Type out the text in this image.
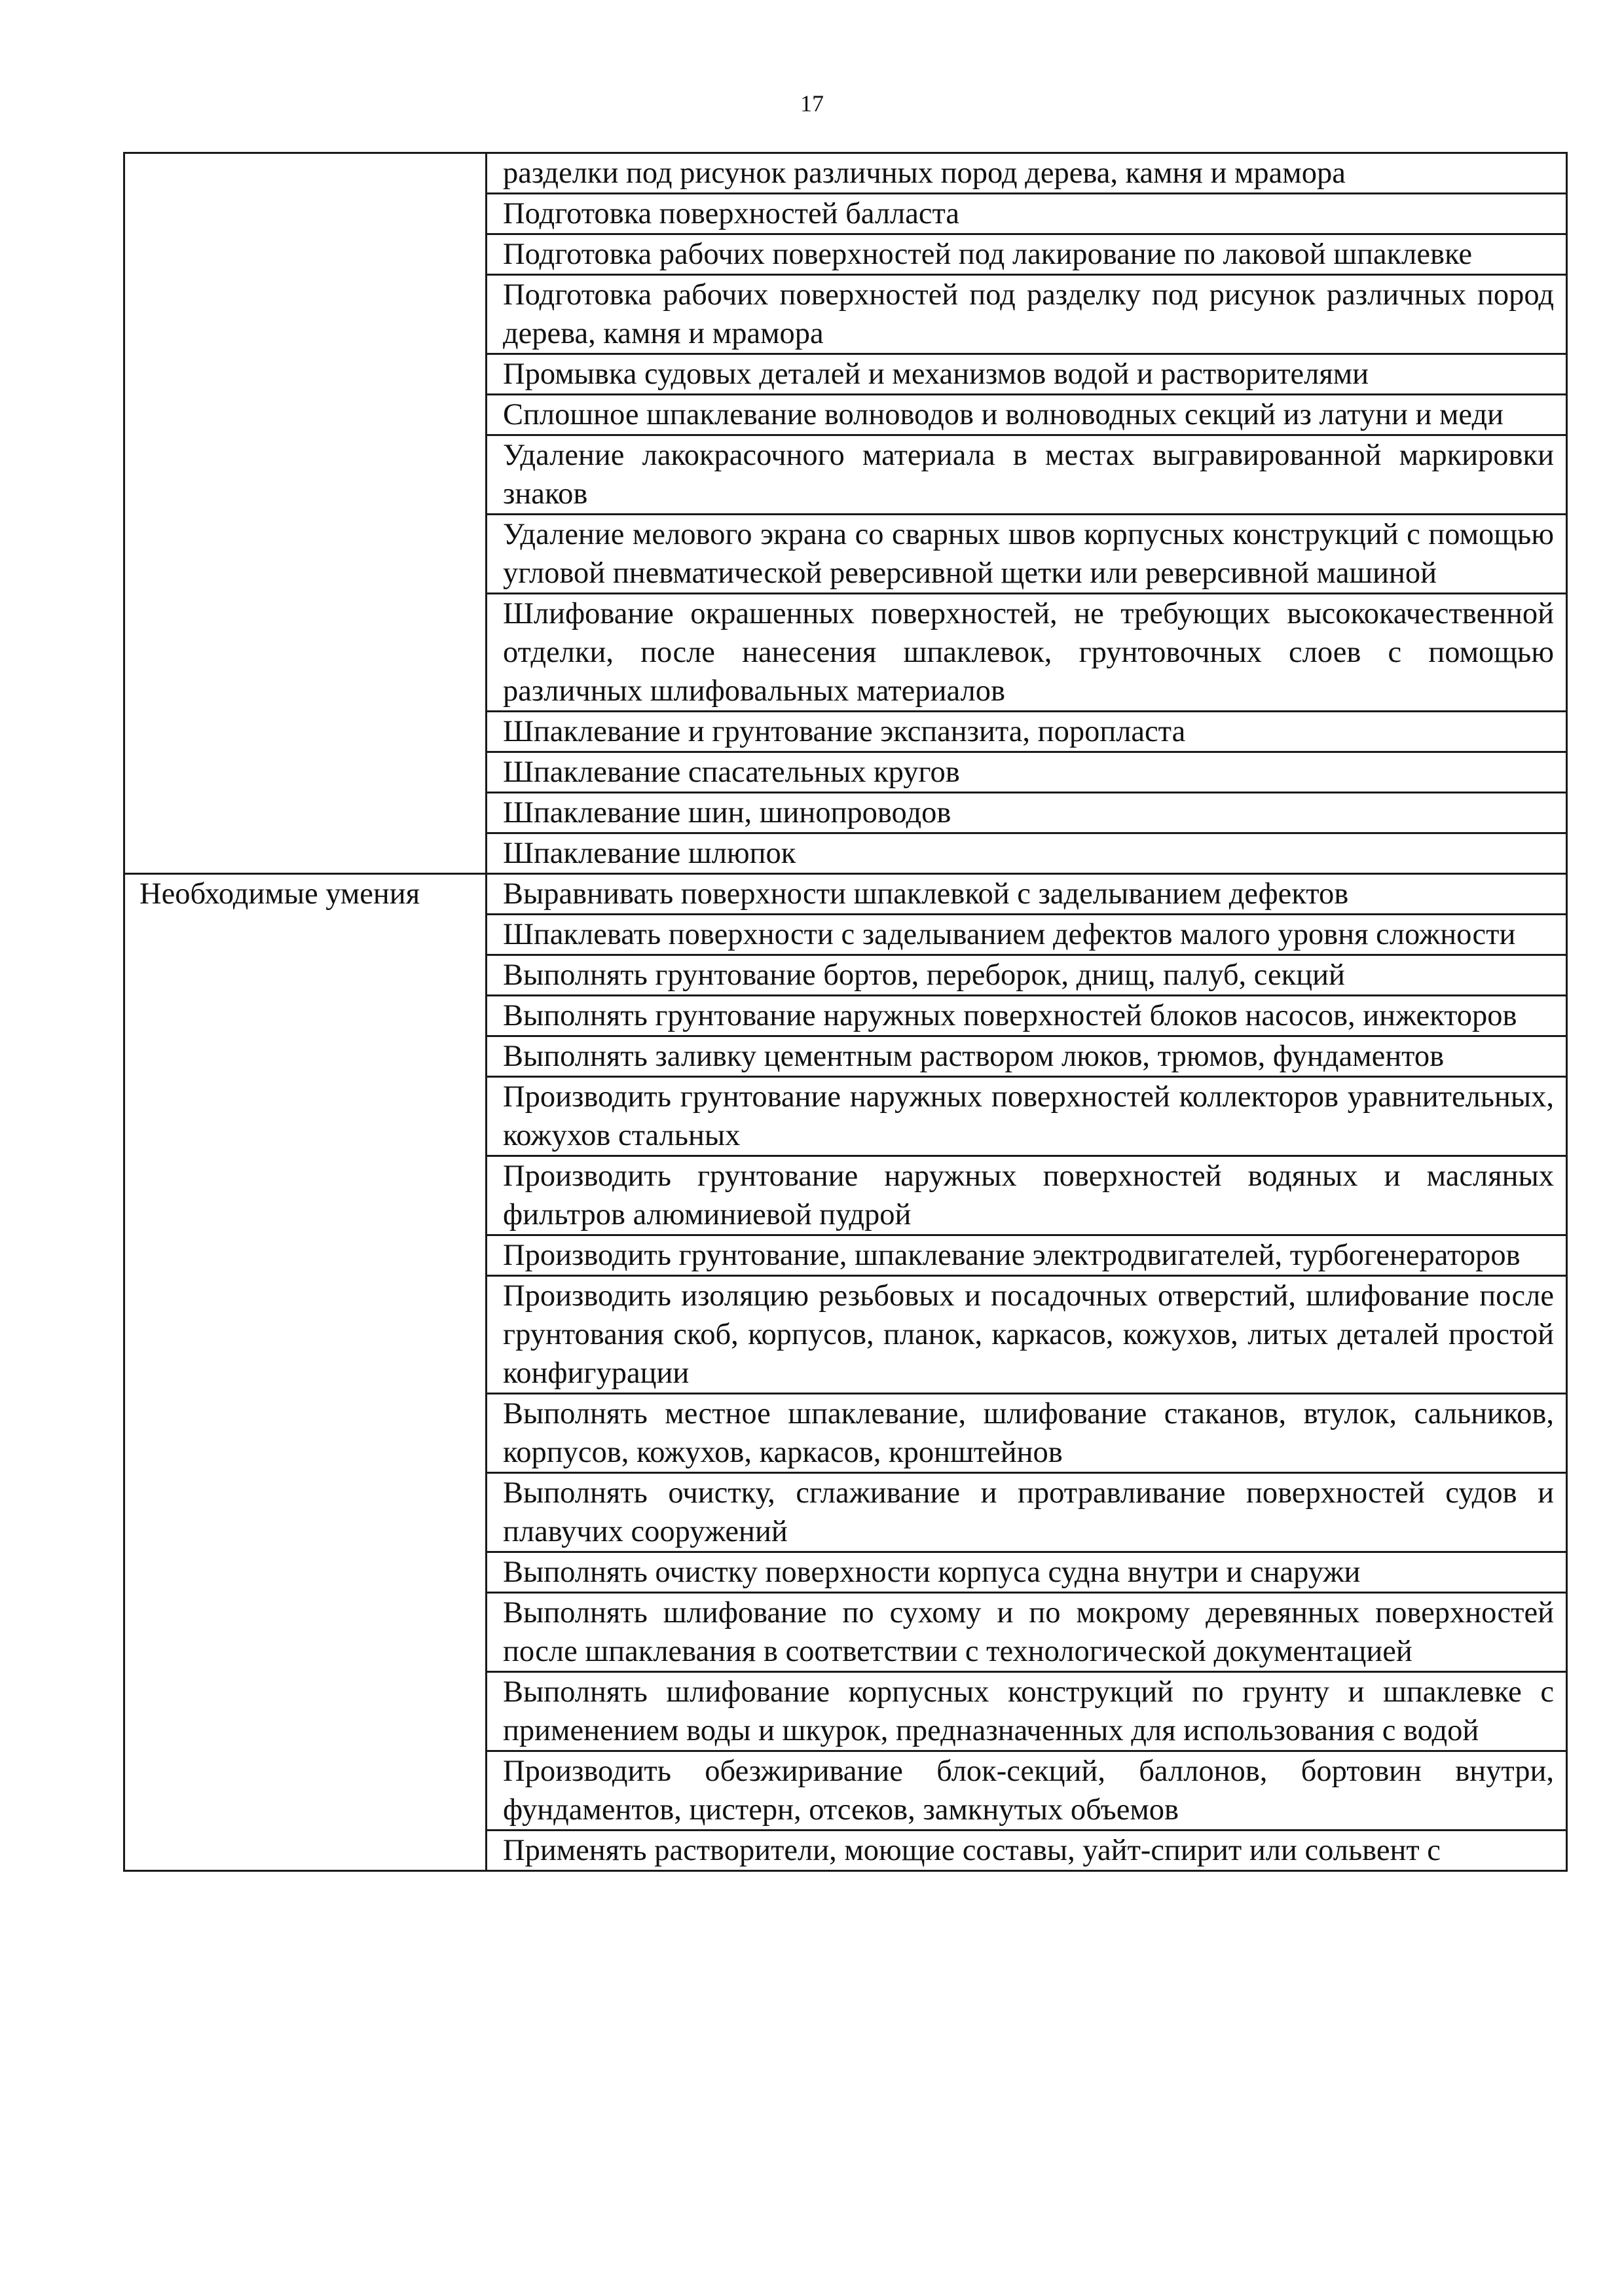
17
	разделки под рисунок различных пород дерева, камня и мрамора
	Подготовка поверхностей балласта
	Подготовка рабочих поверхностей под лакирование по лаковой шпаклевке
	Подготовка рабочих поверхностей под разделку под рисунок различных пород дерева, камня и мрамора
	Промывка судовых деталей и механизмов водой и растворителями
	Сплошное шпаклевание волноводов и волноводных секций из латуни и меди
	Удаление лакокрасочного материала в местах выгравированной маркировки знаков
	Удаление мелового экрана со сварных швов корпусных конструкций с помощью угловой пневматической реверсивной щетки или реверсивной машиной
	Шлифование окрашенных поверхностей, не требующих высококачественной отделки, после нанесения шпаклевок, грунтовочных слоев с помощью различных шлифовальных материалов
	Шпаклевание и грунтование экспанзита, поропласта
	Шпаклевание спасательных кругов
	Шпаклевание шин, шинопроводов
	Шпаклевание шлюпок
Необходимые умения	Выравнивать поверхности шпаклевкой с заделыванием дефектов
	Шпаклевать поверхности с заделыванием дефектов малого уровня сложности
	Выполнять грунтование бортов, переборок, днищ, палуб, секций
	Выполнять грунтование наружных поверхностей блоков насосов, инжекторов
	Выполнять заливку цементным раствором люков, трюмов, фундаментов
	Производить грунтование наружных поверхностей коллекторов уравнительных, кожухов стальных
	Производить грунтование наружных поверхностей водяных и масляных фильтров алюминиевой пудрой
	Производить грунтование, шпаклевание электродвигателей, турбогенераторов
	Производить изоляцию резьбовых и посадочных отверстий, шлифование после грунтования скоб, корпусов, планок, каркасов, кожухов, литых деталей простой конфигурации
	Выполнять местное шпаклевание, шлифование стаканов, втулок, сальников, корпусов, кожухов, каркасов, кронштейнов
	Выполнять очистку, сглаживание и протравливание поверхностей судов и плавучих сооружений
	Выполнять очистку поверхности корпуса судна внутри и снаружи
	Выполнять шлифование по сухому и по мокрому деревянных поверхностей после шпаклевания в соответствии с технологической документацией
	Выполнять шлифование корпусных конструкций по грунту и шпаклевке с применением воды и шкурок, предназначенных для использования с водой
	Производить обезжиривание блок-секций, баллонов, бортовин внутри, фундаментов, цистерн, отсеков, замкнутых объемов
	Применять растворители, моющие составы, уайт-спирит или сольвент с
